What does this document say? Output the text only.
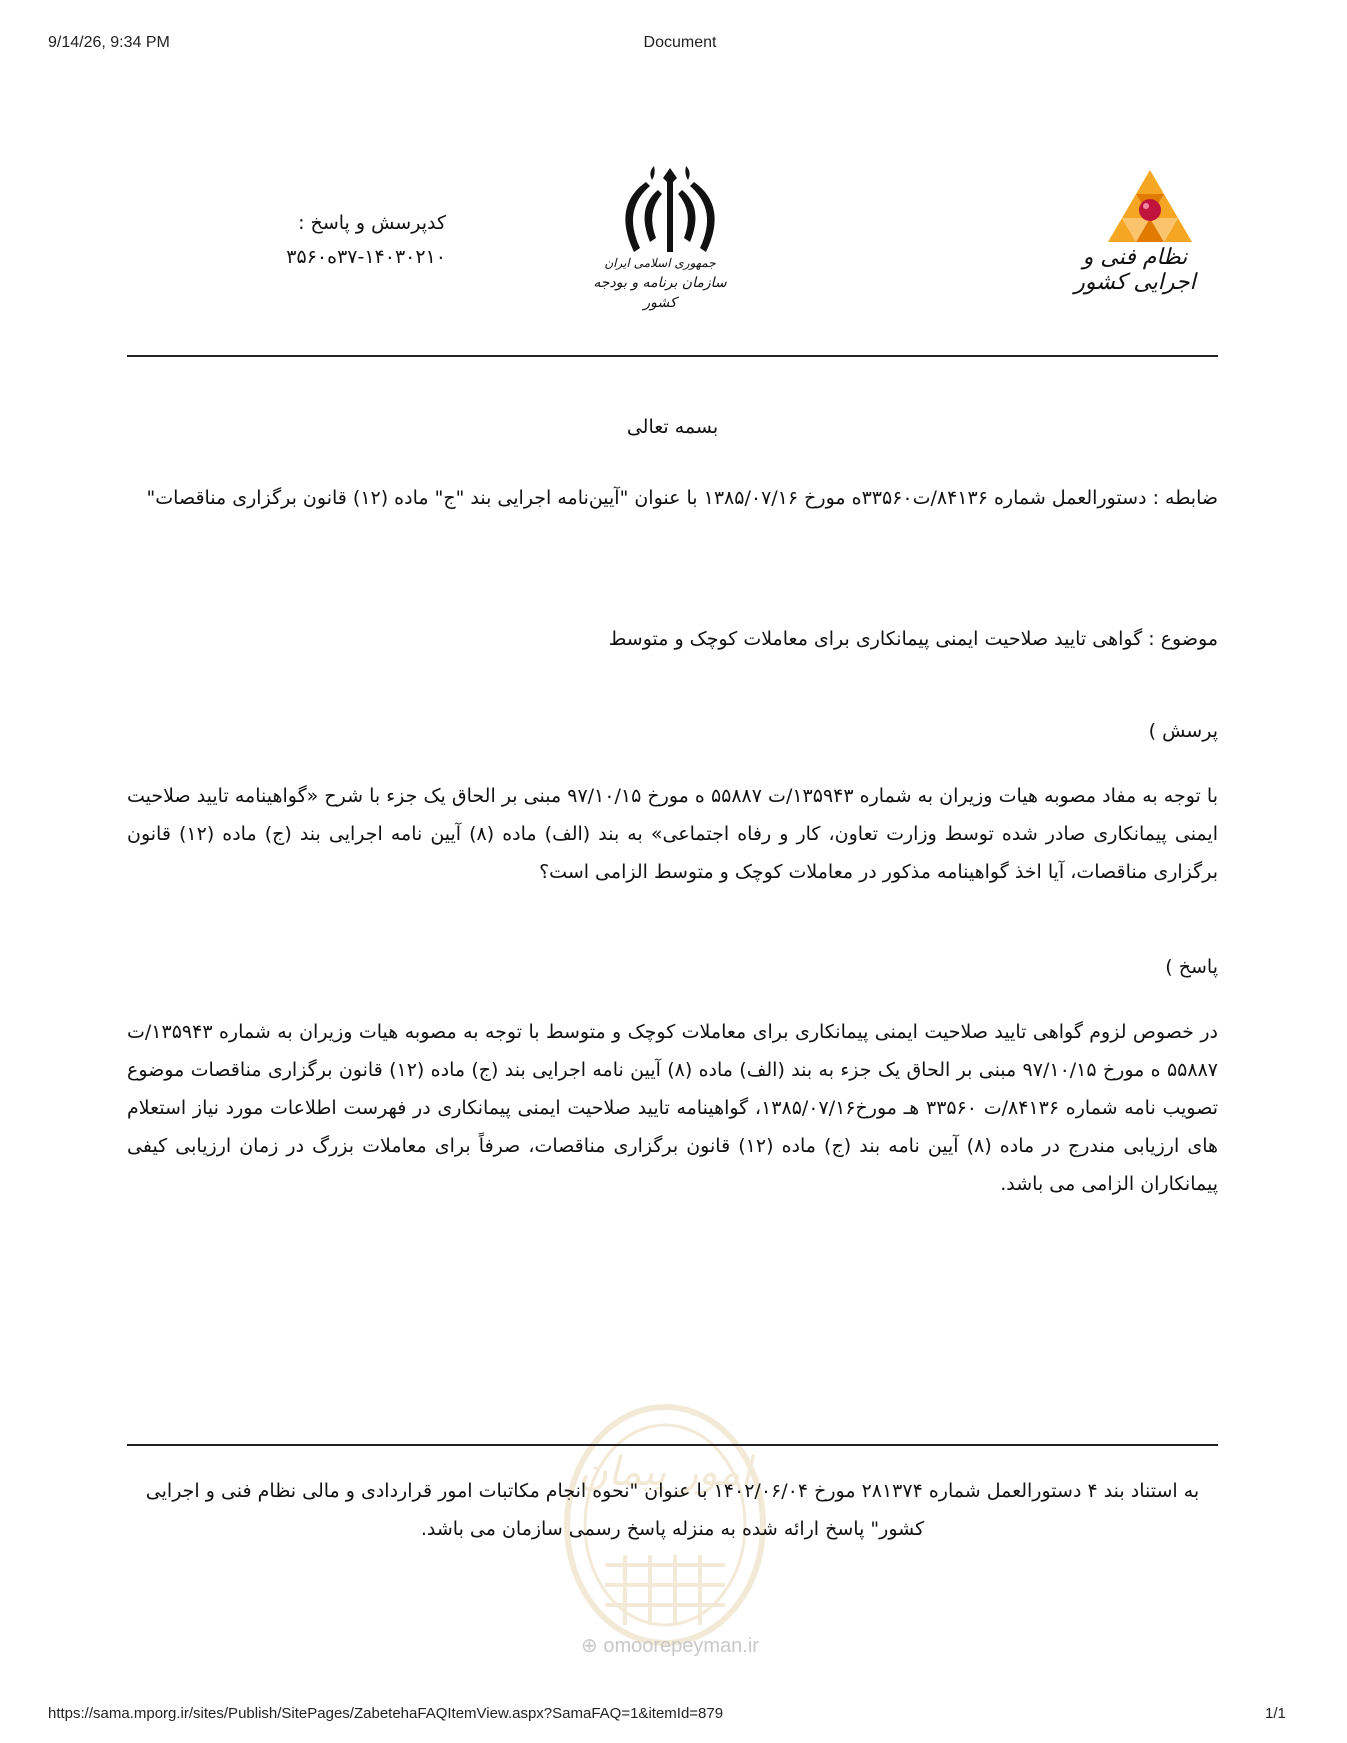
9/14/26, 9:34 PM	Document
کدپرسش و پاسخ :
۳۷-۱۴۰۳۰۲۱۰ه۳۵۶۰	جمهوری اسلامی ایران
سازمان برنامه و بودجه کشور
نظام فنی و اجرایی کشور
امور پیمان
بسمه تعالی
ضابطه : دستورالعمل شماره ۸۴۱۳۶/ت۳۳۵۶۰ه مورخ ۱۳۸۵/۰۷/۱۶ با عنوان "آیین‌نامه اجرایی بند "ج" ماده (۱۲) قانون برگزاری مناقصات"
موضوع : گواهی تایید صلاحیت ایمنی پیمانکاری برای معاملات کوچک و متوسط
پرسش )
با توجه به مفاد مصوبه هیات وزیران به شماره ۱۳۵۹۴۳/ت ۵۵۸۸۷ ه مورخ ۹۷/۱۰/۱۵ مبنی بر الحاق یک جزء با شرح «گواهینامه تایید صلاحیت ایمنی پیمانکاری صادر شده توسط وزارت تعاون، کار و رفاه اجتماعی» به بند (الف) ماده (۸) آیین نامه اجرایی بند (ج) ماده (۱۲) قانون برگزاری مناقصات، آیا اخذ گواهینامه مذکور در معاملات کوچک و متوسط الزامی است؟
پاسخ )
در خصوص لزوم گواهی تایید صلاحیت ایمنی پیمانکاری برای معاملات کوچک و متوسط با توجه به مصوبه هیات وزیران به شماره ۱۳۵۹۴۳/ت ۵۵۸۸۷ ه مورخ ۹۷/۱۰/۱۵ مبنی بر الحاق یک جزء به بند (الف) ماده (۸) آیین نامه اجرایی بند (ج) ماده (۱۲) قانون برگزاری مناقصات موضوع تصویب نامه شماره ۸۴۱۳۶/ت ۳۳۵۶۰ هـ مورخ۱۳۸۵/۰۷/۱۶، گواهینامه تایید صلاحیت ایمنی پیمانکاری در فهرست اطلاعات مورد نیاز استعلام های ارزیابی مندرج در ماده (۸) آیین نامه بند (ج) ماده (۱۲) قانون برگزاری مناقصات، صرفاً برای معاملات بزرگ در زمان ارزیابی کیفی پیمانکاران الزامی می باشد.
به استناد بند ۴ دستورالعمل شماره ۲۸۱۳۷۴ مورخ ۱۴۰۲/۰۶/۰۴ با عنوان "نحوه انجام مکاتبات امور قراردادی و مالی نظام فنی و اجرایی کشور" پاسخ ارائه شده به منزله پاسخ رسمی سازمان می باشد.
⊕ omoorepeyman.ir
https://sama.mporg.ir/sites/Publish/SitePages/ZabetehaFAQItemView.aspx?SamaFAQ=1&itemId=879	1/1
